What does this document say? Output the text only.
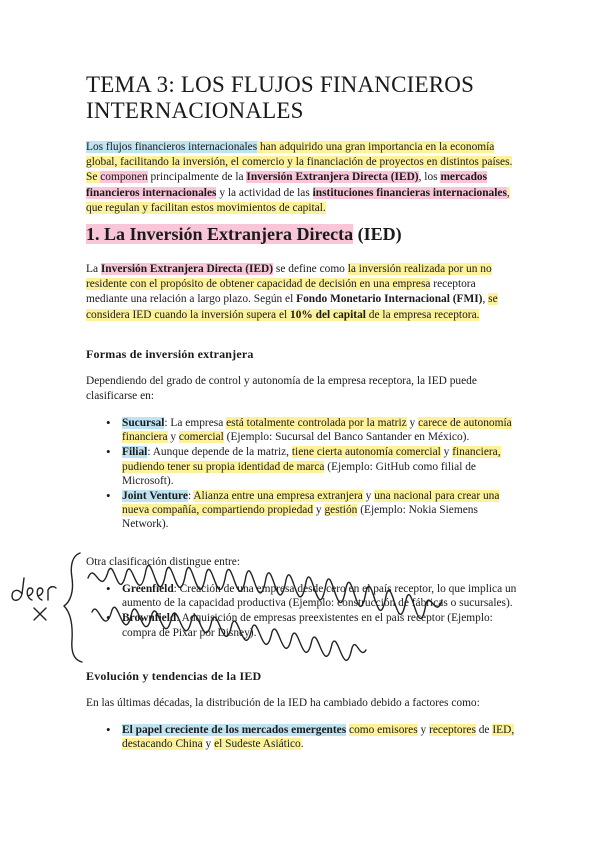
TEMA 3: LOS FLUJOS FINANCIEROS INTERNACIONALES

Los flujos financieros internacionales han adquirido una gran importancia en la economía global, facilitando la inversión, el comercio y la financiación de proyectos en distintos países. Se componen principalmente de la Inversión Extranjera Directa (IED), los mercados financieros internacionales y la actividad de las instituciones financieras internacionales, que regulan y facilitan estos movimientos de capital.

1. La Inversión Extranjera Directa (IED)

La Inversión Extranjera Directa (IED) se define como la inversión realizada por un no residente con el propósito de obtener capacidad de decisión en una empresa receptora mediante una relación a largo plazo. Según el Fondo Monetario Internacional (FMI), se considera IED cuando la inversión supera el 10% del capital de la empresa receptora.

Formas de inversión extranjera

Dependiendo del grado de control y autonomía de la empresa receptora, la IED puede clasificarse en:

• Sucursal: La empresa está totalmente controlada por la matriz y carece de autonomía financiera y comercial (Ejemplo: Sucursal del Banco Santander en México).
• Filial: Aunque depende de la matriz, tiene cierta autonomía comercial y financiera, pudiendo tener su propia identidad de marca (Ejemplo: GitHub como filial de Microsoft).
• Joint Venture: Alianza entre una empresa extranjera y una nacional para crear una nueva compañía, compartiendo propiedad y gestión (Ejemplo: Nokia Siemens Network).

Otra clasificación distingue entre:

• Greenfield: Creación de una empresa desde cero en el país receptor, lo que implica un aumento de la capacidad productiva (Ejemplo: construcción de fábricas o sucursales).
• Brownfield: Adquisición de empresas preexistentes en el país receptor (Ejemplo: compra de Pixar por Disney).
Evolución y tendencias de la IED

En las últimas décadas, la distribución de la IED ha cambiado debido a factores como:

• El papel creciente de los mercados emergentes como emisores y receptores de IED, destacando China y el Sudeste Asiático.
